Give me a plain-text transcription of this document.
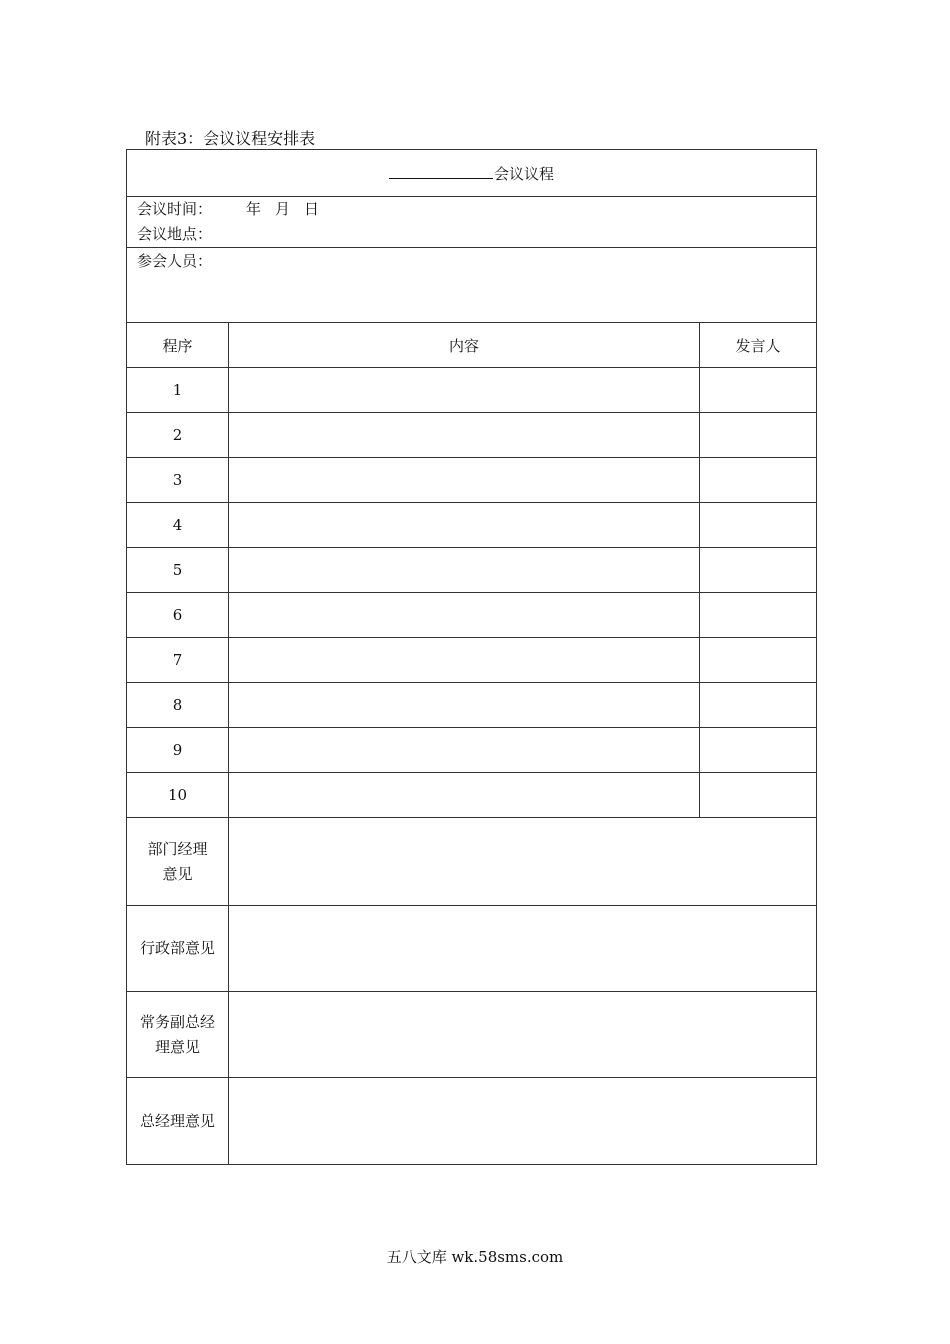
附表3：会议议程安排表
会议议程		

会议时间： 年 月 日
会议地点：		

参会人员：		
程序	内容	发言人
1		
2		
3		
4		
5		
6		
7		
8		
9		
10		

部门经理
意见		

行政部意见		

常务副总经
理意见		

总经理意见		

五八文库 wk.58sms.com
